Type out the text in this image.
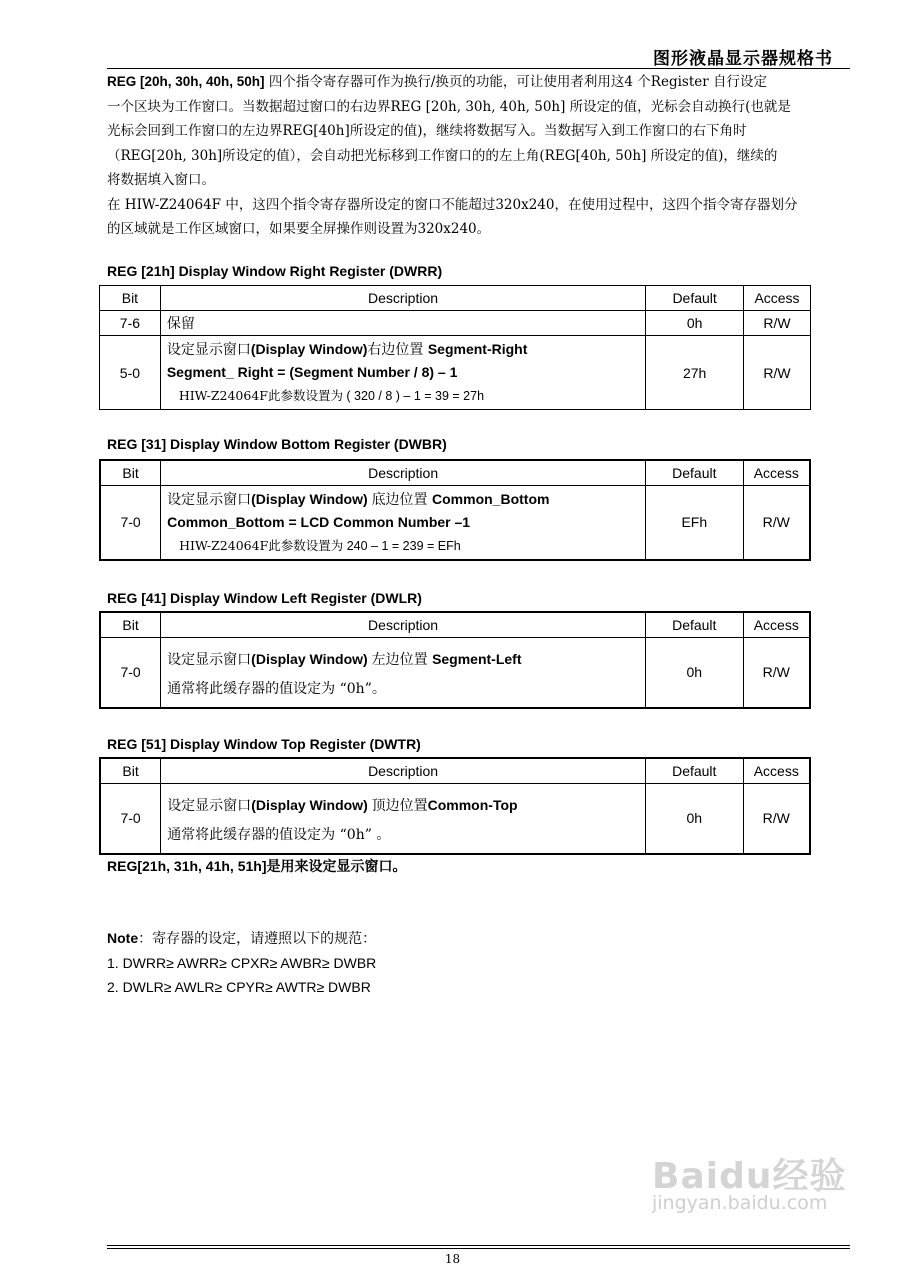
图形液晶显示器规格书
REG [20h, 30h, 40h, 50h] 四个指令寄存器可作为换行/换页的功能，可让使用者利用这4 个Register 自行设定
一个区块为工作窗口。当数据超过窗口的右边界REG [20h, 30h, 40h, 50h] 所设定的值，光标会自动换行(也就是
光标会回到工作窗口的左边界REG[40h]所设定的值)，继续将数据写入。当数据写入到工作窗口的右下角时
（REG[20h, 30h]所设定的值），会自动把光标移到工作窗口的的左上角(REG[40h, 50h] 所设定的值)，继续的
将数据填入窗口。
在 HIW-Z24064F 中，这四个指令寄存器所设定的窗口不能超过320x240，在使用过程中，这四个指令寄存器划分
的区域就是工作区域窗口，如果要全屏操作则设置为320x240。
REG [21h] Display Window Right Register (DWRR)
Bit	Description	Default	Access
7-6	保留	0h	R/W
5-0	设定显示窗口(Display Window)右边位置 Segment-Right
Segment_ Right = (Segment Number / 8) – 1
HIW-Z24064F此参数设置为 ( 320 / 8 ) – 1 = 39 = 27h	27h	R/W
REG [31] Display Window Bottom Register (DWBR)
Bit	Description	Default	Access
7-0	设定显示窗口(Display Window) 底边位置 Common_Bottom
Common_Bottom = LCD Common Number –1
HIW-Z24064F此参数设置为 240 – 1 = 239 = EFh	EFh	R/W
REG [41] Display Window Left Register (DWLR)
Bit	Description	Default	Access
7-0	设定显示窗口(Display Window) 左边位置 Segment-Left
通常将此缓存器的值设定为 “0h”。	0h	R/W
REG [51] Display Window Top Register (DWTR)
Bit	Description	Default	Access
7-0	设定显示窗口(Display Window) 顶边位置Common-Top
通常将此缓存器的值设定为 “0h” 。	0h	R/W
REG[21h, 31h, 41h, 51h]是用来设定显示窗口。
Note：寄存器的设定，请遵照以下的规范：
1. DWRR≥ AWRR≥ CPXR≥ AWBR≥ DWBR
2. DWLR≥ AWLR≥ CPYR≥ AWTR≥ DWBR
Baidu经验
jingyan.baidu.com
18
